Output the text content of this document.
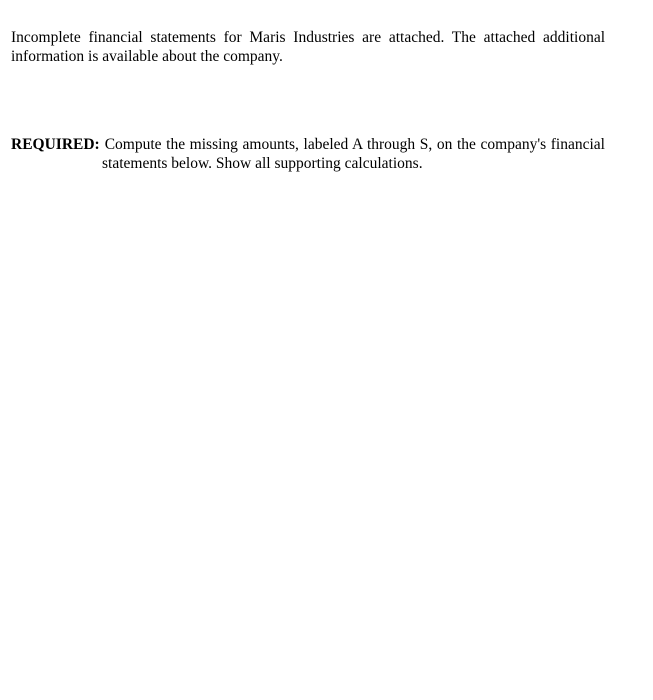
Incomplete financial statements for Maris Industries are attached. The attached additional
information is available about the company.

REQUIRED: Compute the missing amounts, labeled A through S, on the company's financial
statements below. Show all supporting calculations.
